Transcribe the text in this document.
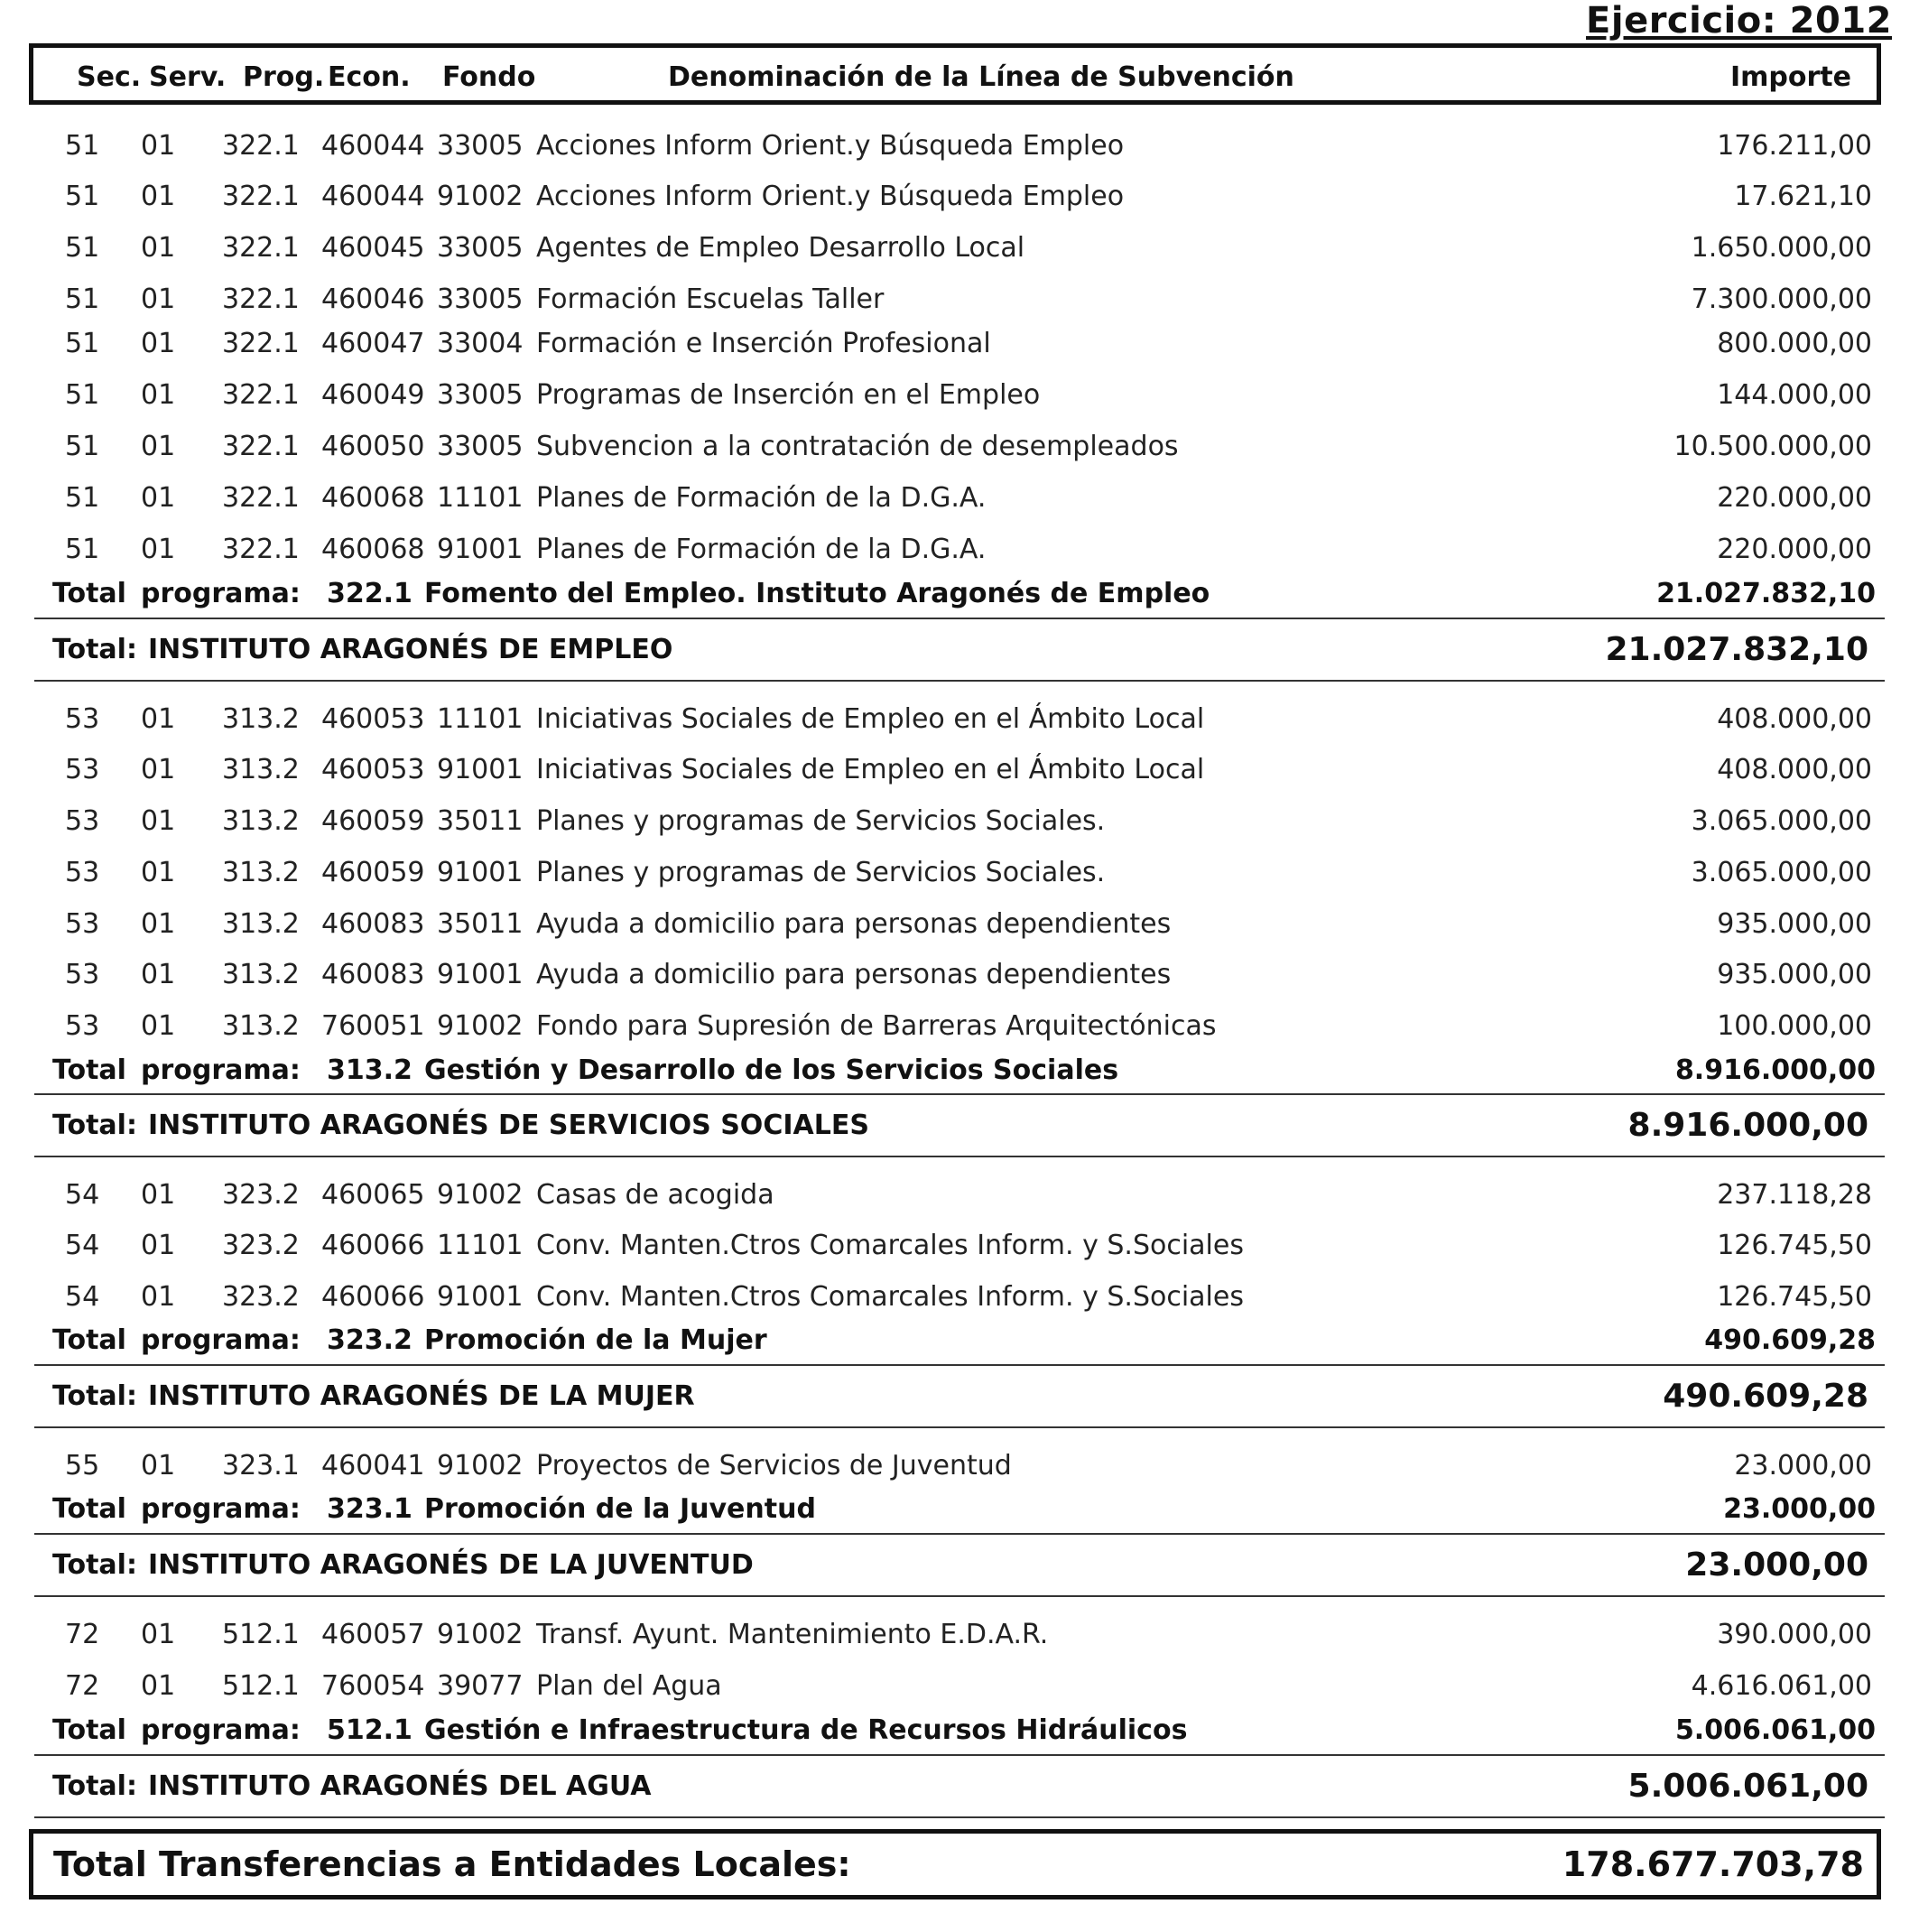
Ejercicio: 2012
Sec. Serv. Prog. Econ. Fondo	Denominación de la Línea de Subvención	Importe
51 01 322.1 460044 33005 Acciones Inform Orient.y Búsqueda Empleo	176.211,00
51 01 322.1 460044 91002 Acciones Inform Orient.y Búsqueda Empleo	17.621,10
51 01 322.1 460045 33005 Agentes de Empleo Desarrollo Local	1.650.000,00
51 01 322.1 460046 33005 Formación Escuelas Taller	7.300.000,00
51 01 322.1 460047 33004 Formación e Inserción Profesional	800.000,00
51 01 322.1 460049 33005 Programas de Inserción en el Empleo	144.000,00
51 01 322.1 460050 33005 Subvencion a la contratación de desempleados	10.500.000,00
51 01 322.1 460068 11101 Planes de Formación de la D.G.A.	220.000,00
51 01 322.1 460068 91001 Planes de Formación de la D.G.A.	220.000,00
Total programa: 322.1 Fomento del Empleo. Instituto Aragonés de Empleo	21.027.832,10
Total: INSTITUTO ARAGONÉS DE EMPLEO	21.027.832,10
53 01 313.2 460053 11101 Iniciativas Sociales de Empleo en el Ámbito Local	408.000,00
53 01 313.2 460053 91001 Iniciativas Sociales de Empleo en el Ámbito Local	408.000,00
53 01 313.2 460059 35011 Planes y programas de Servicios Sociales.	3.065.000,00
53 01 313.2 460059 91001 Planes y programas de Servicios Sociales.	3.065.000,00
53 01 313.2 460083 35011 Ayuda a domicilio para personas dependientes	935.000,00
53 01 313.2 460083 91001 Ayuda a domicilio para personas dependientes	935.000,00
53 01 313.2 760051 91002 Fondo para Supresión de Barreras Arquitectónicas	100.000,00
Total programa: 313.2 Gestión y Desarrollo de los Servicios Sociales	8.916.000,00
Total: INSTITUTO ARAGONÉS DE SERVICIOS SOCIALES	8.916.000,00
54 01 323.2 460065 91002 Casas de acogida	237.118,28
54 01 323.2 460066 11101 Conv. Manten.Ctros Comarcales Inform. y S.Sociales	126.745,50
54 01 323.2 460066 91001 Conv. Manten.Ctros Comarcales Inform. y S.Sociales	126.745,50
Total programa: 323.2 Promoción de la Mujer	490.609,28
Total: INSTITUTO ARAGONÉS DE LA MUJER	490.609,28
55 01 323.1 460041 91002 Proyectos de Servicios de Juventud	23.000,00
Total programa: 323.1 Promoción de la Juventud	23.000,00
Total: INSTITUTO ARAGONÉS DE LA JUVENTUD	23.000,00
72 01 512.1 460057 91002 Transf. Ayunt. Mantenimiento E.D.A.R.	390.000,00
72 01 512.1 760054 39077 Plan del Agua	4.616.061,00
Total programa: 512.1 Gestión e Infraestructura de Recursos Hidráulicos	5.006.061,00
Total: INSTITUTO ARAGONÉS DEL AGUA	5.006.061,00
Total Transferencias a Entidades Locales:	178.677.703,78
